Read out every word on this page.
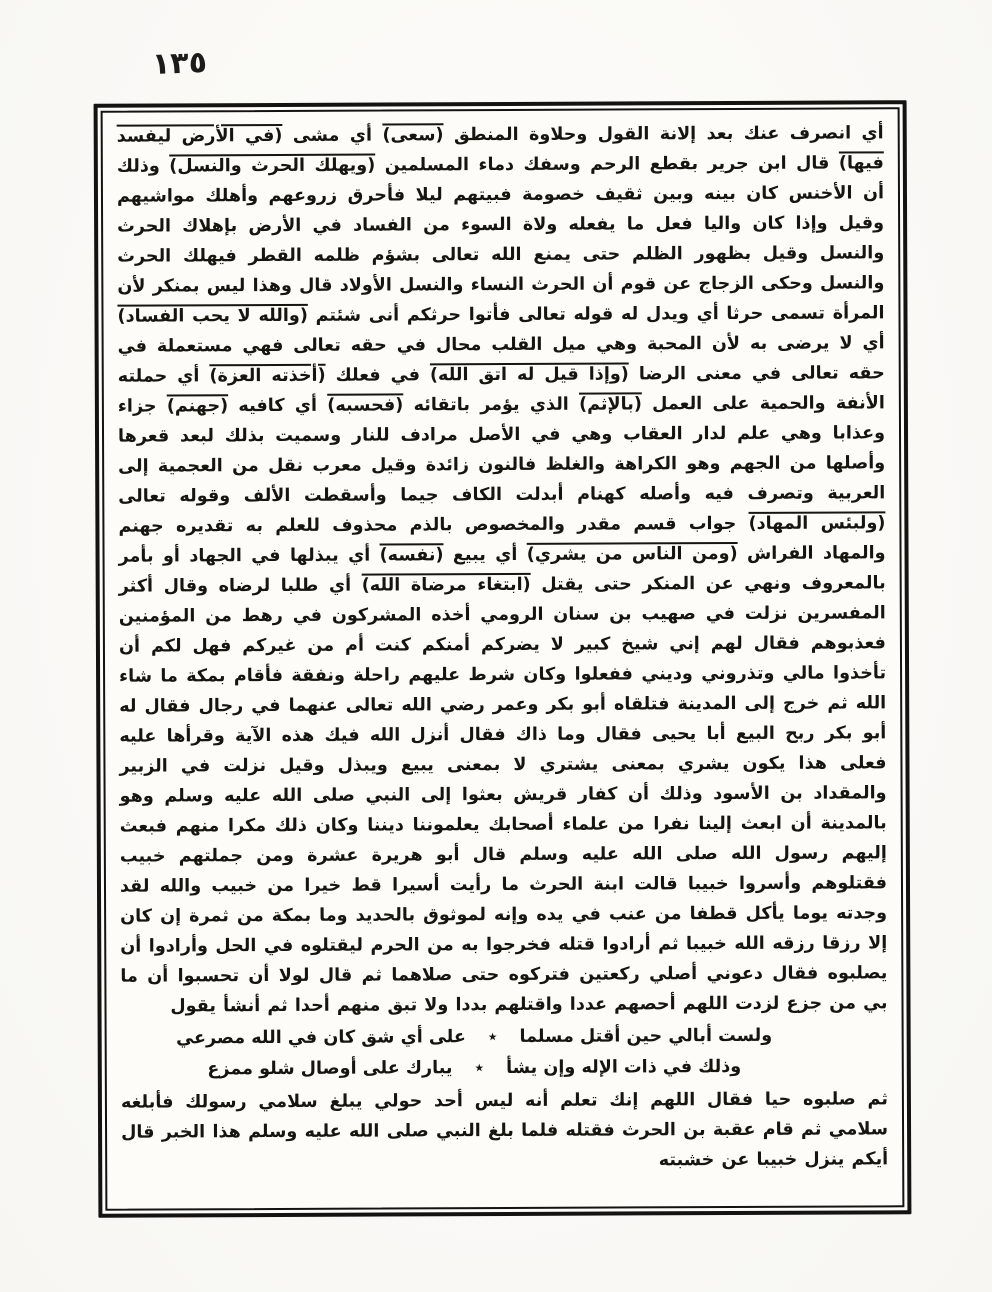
١٣٥
أي انصرف عنك بعد إلانة القول وحلاوة المنطق (سعى) أي مشى (في الأرض ليفسد فيها) قال ابن جرير بقطع الرحم وسفك دماء المسلمين (ويهلك الحرث والنسل) وذلك أن الأخنس كان بينه وبين ثقيف خصومة فبيتهم ليلا فأحرق زروعهم وأهلك مواشيهم وقيل وإذا كان واليا فعل ما يفعله ولاة السوء من الفساد في الأرض بإهلاك الحرث والنسل وقيل بظهور الظلم حتى يمنع الله تعالى بشؤم ظلمه القطر فيهلك الحرث والنسل وحكى الزجاج عن قوم أن الحرث النساء والنسل الأولاد قال وهذا ليس بمنكر لأن المرأة تسمى حرثا أي ويدل له قوله تعالى فأتوا حرثكم أنى شئتم (والله لا يحب الفساد) أي لا يرضى به لأن المحبة وهي ميل القلب محال في حقه تعالى فهي مستعملة في حقه تعالى في معنى الرضا (وإذا قيل له اتق الله) في فعلك (أخذته العزة) أي حملته الأنفة والحمية على العمل (بالإثم) الذي يؤمر باتقائه (فحسبه) أي كافيه (جهنم) جزاء وعذابا وهي علم لدار العقاب وهي في الأصل مرادف للنار وسميت بذلك لبعد قعرها وأصلها من الجهم وهو الكراهة والغلظ فالنون زائدة وقيل معرب نقل من العجمية إلى العربية وتصرف فيه وأصله كهنام أبدلت الكاف جيما وأسقطت الألف وقوله تعالى (ولبئس المهاد) جواب قسم مقدر والمخصوص بالذم محذوف للعلم به تقديره جهنم والمهاد الفراش (ومن الناس من يشري) أي يبيع (نفسه) أي يبذلها في الجهاد أو بأمر بالمعروف ونهي عن المنكر حتى يقتل (ابتغاء مرضاة الله) أي طلبا لرضاه وقال أكثر المفسرين نزلت في صهيب بن سنان الرومي أخذه المشركون في رهط من المؤمنين فعذبوهم فقال لهم إني شيخ كبير لا يضركم أمنكم كنت أم من غيركم فهل لكم أن تأخذوا مالي وتذروني وديني ففعلوا وكان شرط عليهم راحلة ونفقة فأقام بمكة ما شاء الله ثم خرج إلى المدينة فتلقاه أبو بكر وعمر رضي الله تعالى عنهما في رجال فقال له أبو بكر ربح البيع أبا يحيى فقال وما ذاك فقال أنزل الله فيك هذه الآية وقرأها عليه فعلى هذا يكون يشري بمعنى يشتري لا بمعنى يبيع ويبذل وقيل نزلت في الزبير والمقداد بن الأسود وذلك أن كفار قريش بعثوا إلى النبي صلى الله عليه وسلم وهو بالمدينة أن ابعث إلينا نفرا من علماء أصحابك يعلموننا ديننا وكان ذلك مكرا منهم فبعث إليهم رسول الله صلى الله عليه وسلم قال أبو هريرة عشرة ومن جملتهم خبيب فقتلوهم وأسروا خبيبا قالت ابنة الحرث ما رأيت أسيرا قط خيرا من خبيب والله لقد وجدته يوما يأكل قطفا من عنب في يده وإنه لموثوق بالحديد وما بمكة من ثمرة إن كان إلا رزقا رزقه الله خبيبا ثم أرادوا قتله فخرجوا به من الحرم ليقتلوه في الحل وأرادوا أن يصلبوه فقال دعوني أصلي ركعتين فتركوه حتى صلاهما ثم قال لولا أن تحسبوا أن ما بي من جزع لزدت اللهم أحصهم عددا واقتلهم بددا ولا تبق منهم أحدا ثم أنشأ يقول
ولست أبالي حين أقتل مسلما٭على أي شق كان في الله مصرعي
وذلك في ذات الإله وإن يشأ٭يبارك على أوصال شلو ممزع
ثم صلبوه حيا فقال اللهم إنك تعلم أنه ليس أحد حولي يبلغ سلامي رسولك فأبلغه سلامي ثم قام عقبة بن الحرث فقتله فلما بلغ النبي صلى الله عليه وسلم هذا الخبر قال أيكم ينزل خبيبا عن خشبته
